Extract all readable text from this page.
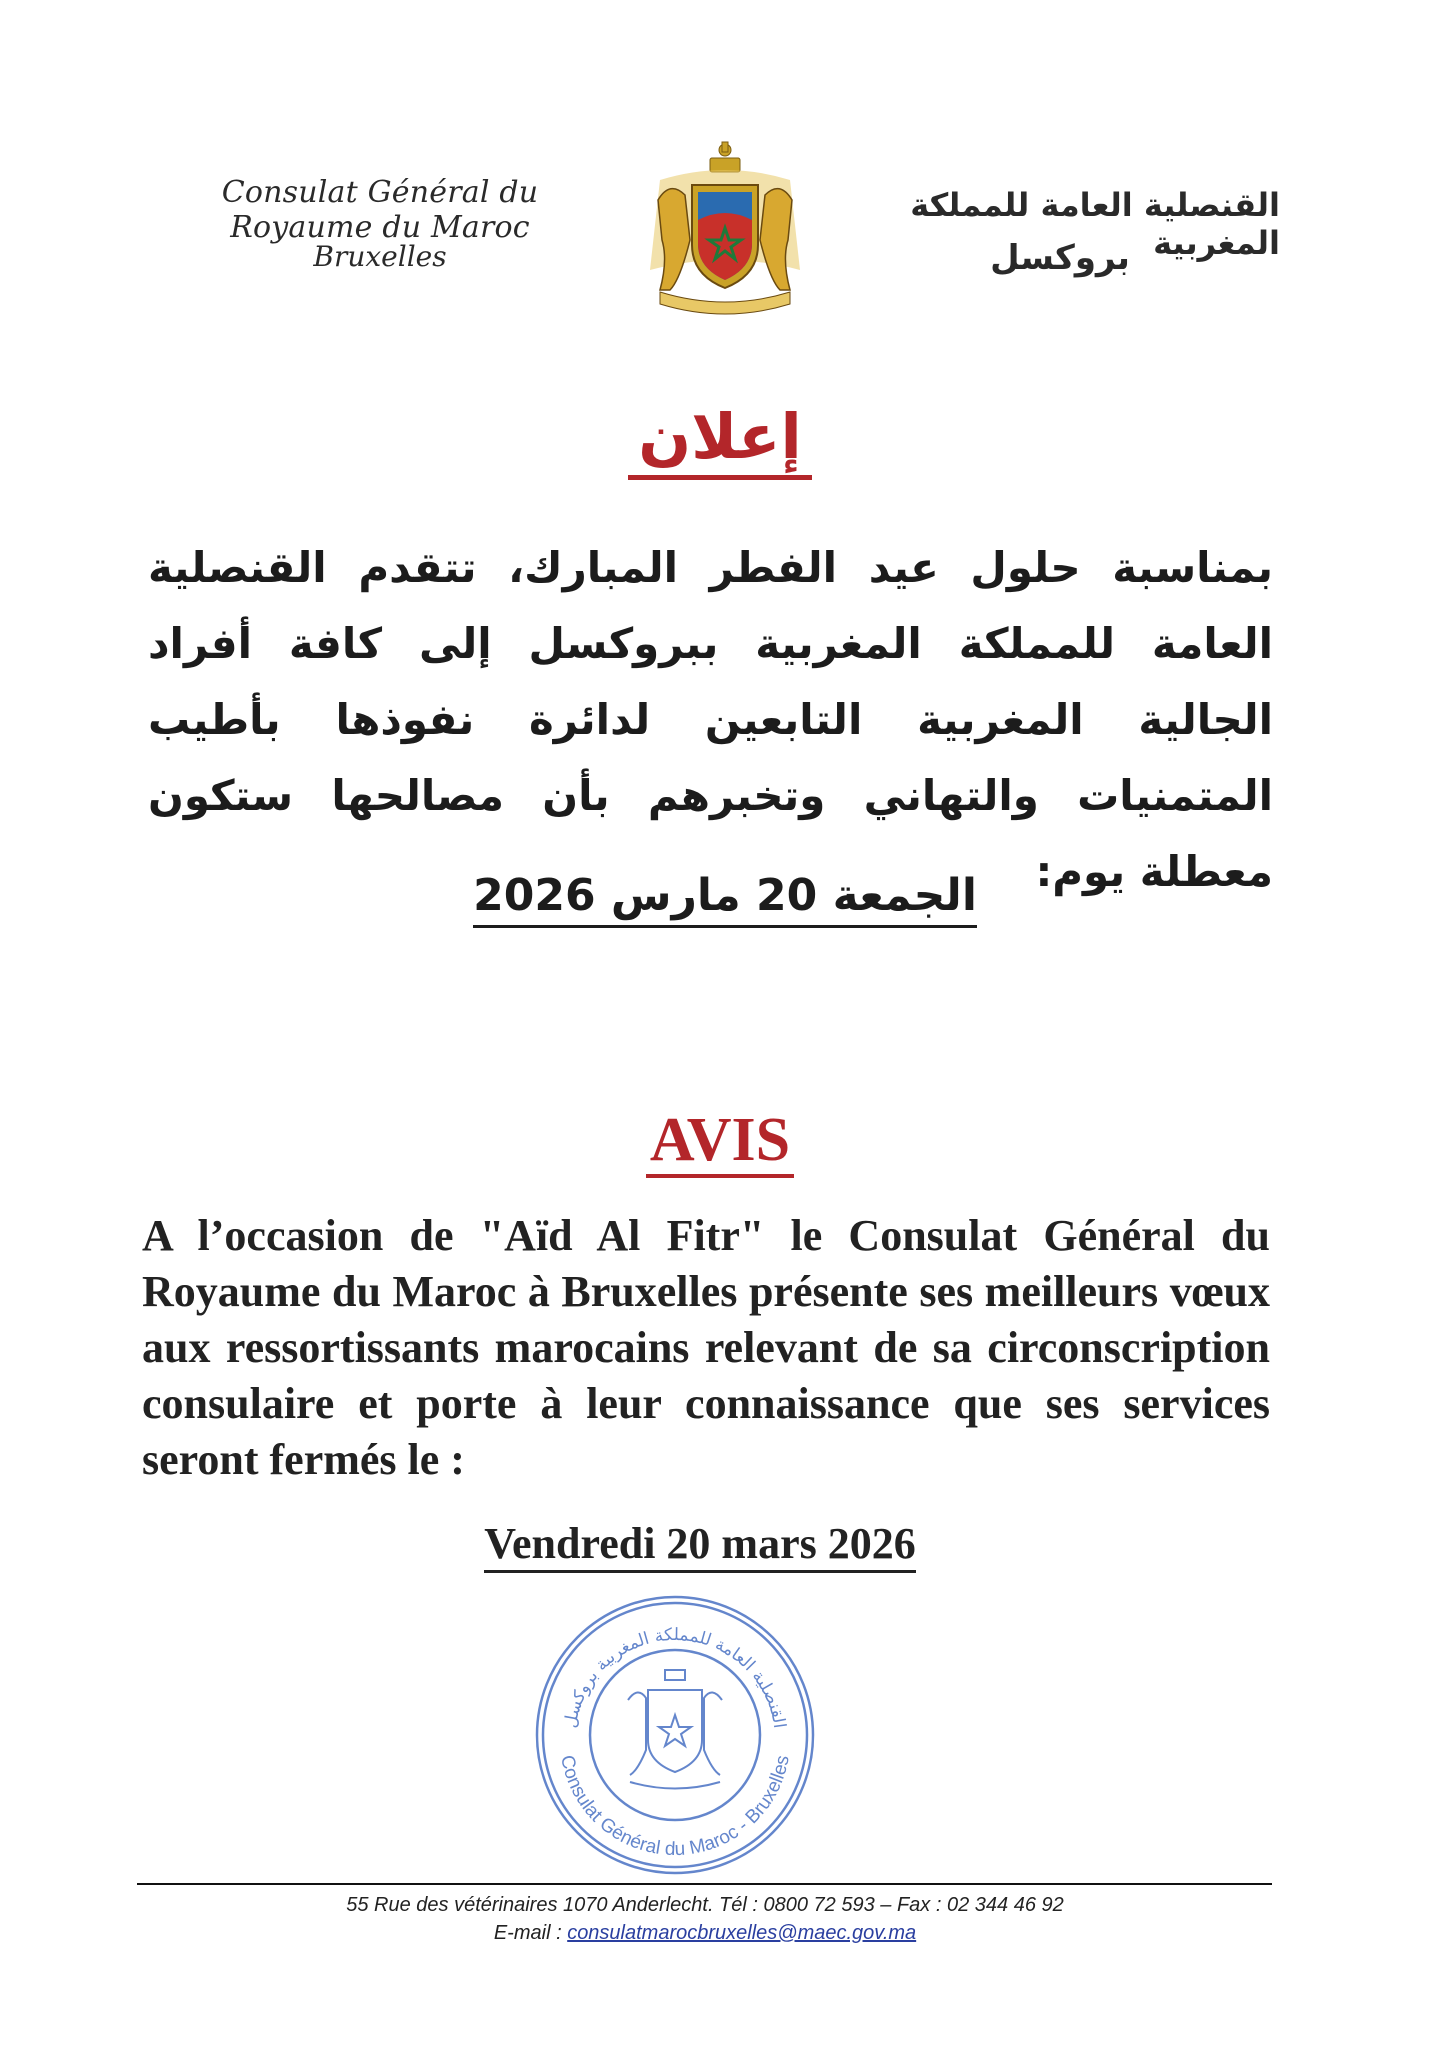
Consulat Général du Royaume du Maroc
Bruxelles
القنصلية العامة للمملكة المغربية
بروكسل
إعلان
بمناسبة حلول عيد الفطر المبارك، تتقدم القنصلية العامة للمملكة المغربية ببروكسل إلى كافة أفراد الجالية المغربية التابعين لدائرة نفوذها بأطيب المتمنيات والتهاني وتخبرهم بأن مصالحها ستكون معطلة يوم:
الجمعة 20 مارس 2026
AVIS
A l’occasion de "Aïd Al Fitr" le Consulat Général du Royaume du Maroc à Bruxelles présente ses meilleurs vœux aux ressortissants marocains relevant de sa circonscription consulaire et porte à leur connaissance que ses services seront fermés le :
Vendredi 20 mars 2026
القنصلية العامة للمملكة المغربية بروكسل
Consulat Général du Maroc - Bruxelles
55 Rue des vétérinaires 1070 Anderlecht. Tél : 0800 72 593 – Fax : 02 344 46 92
E-mail : consulatmarocbruxelles@maec.gov.ma
